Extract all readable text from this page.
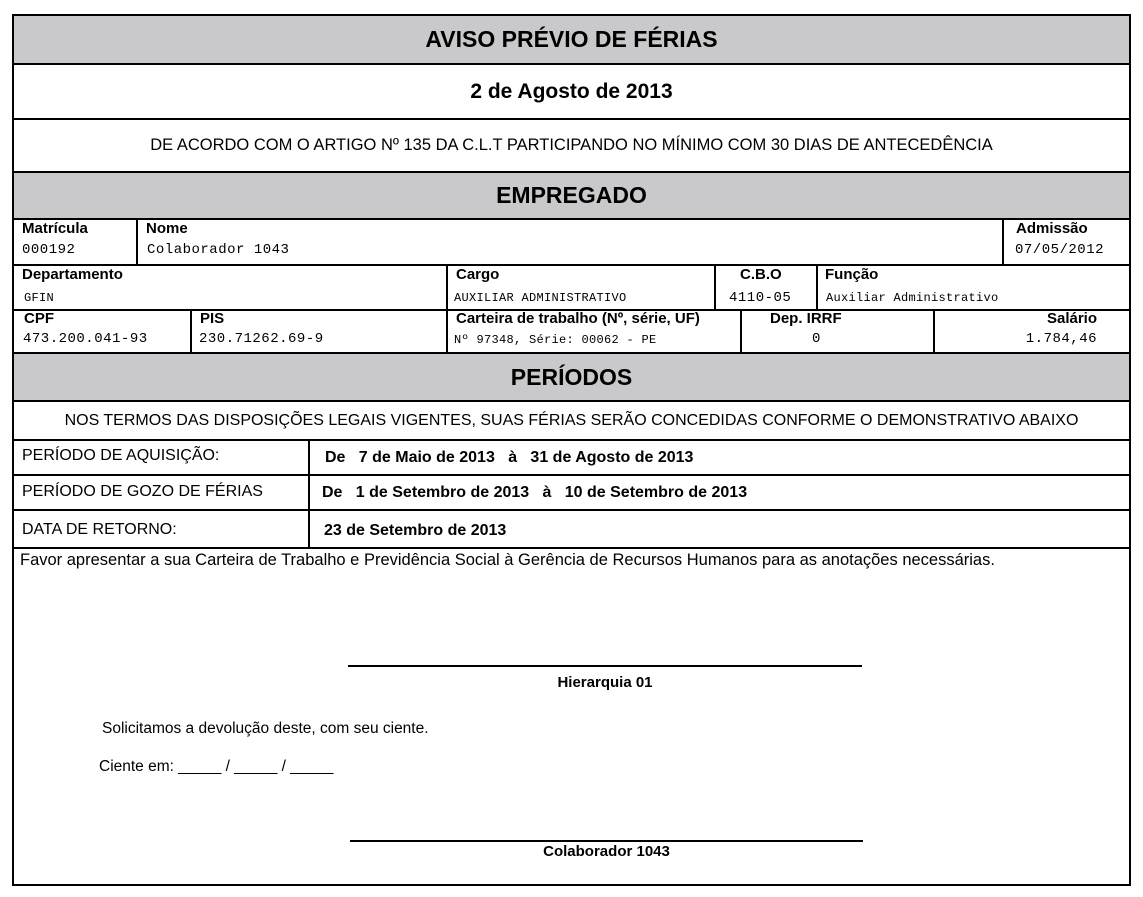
AVISO PRÉVIO DE FÉRIAS
2 de Agosto de 2013
DE ACORDO COM O ARTIGO Nº 135 DA C.L.T PARTICIPANDO NO MÍNIMO COM 30 DIAS DE ANTECEDÊNCIA
EMPREGADO
Matrícula
000192
Nome
Colaborador 1043
Admissão
07/05/2012
Departamento
GFIN
Cargo
AUXILIAR ADMINISTRATIVO
C.B.O
4110-05
Função
Auxiliar Administrativo
CPF
473.200.041-93
PIS
230.71262.69-9
Carteira de trabalho (Nº, série, UF)
Nº 97348, Série: 00062 - PE
Dep. IRRF
0
Salário
1.784,46
PERÍODOS
NOS TERMOS DAS DISPOSIÇÕES LEGAIS VIGENTES, SUAS FÉRIAS SERÃO CONCEDIDAS CONFORME O DEMONSTRATIVO ABAIXO
PERÍODO DE AQUISIÇÃO:	De   7 de Maio de 2013   à   31 de Agosto de 2013
PERÍODO DE GOZO DE FÉRIAS	De   1 de Setembro de 2013   à   10 de Setembro de 2013
DATA DE RETORNO:	23 de Setembro de 2013
Favor apresentar a sua Carteira de Trabalho e Previdência Social à Gerência de Recursos Humanos para as anotações necessárias.
Hierarquia 01
Solicitamos a devolução deste, com seu ciente.
Ciente em: _____ / _____ / _____
Colaborador 1043
